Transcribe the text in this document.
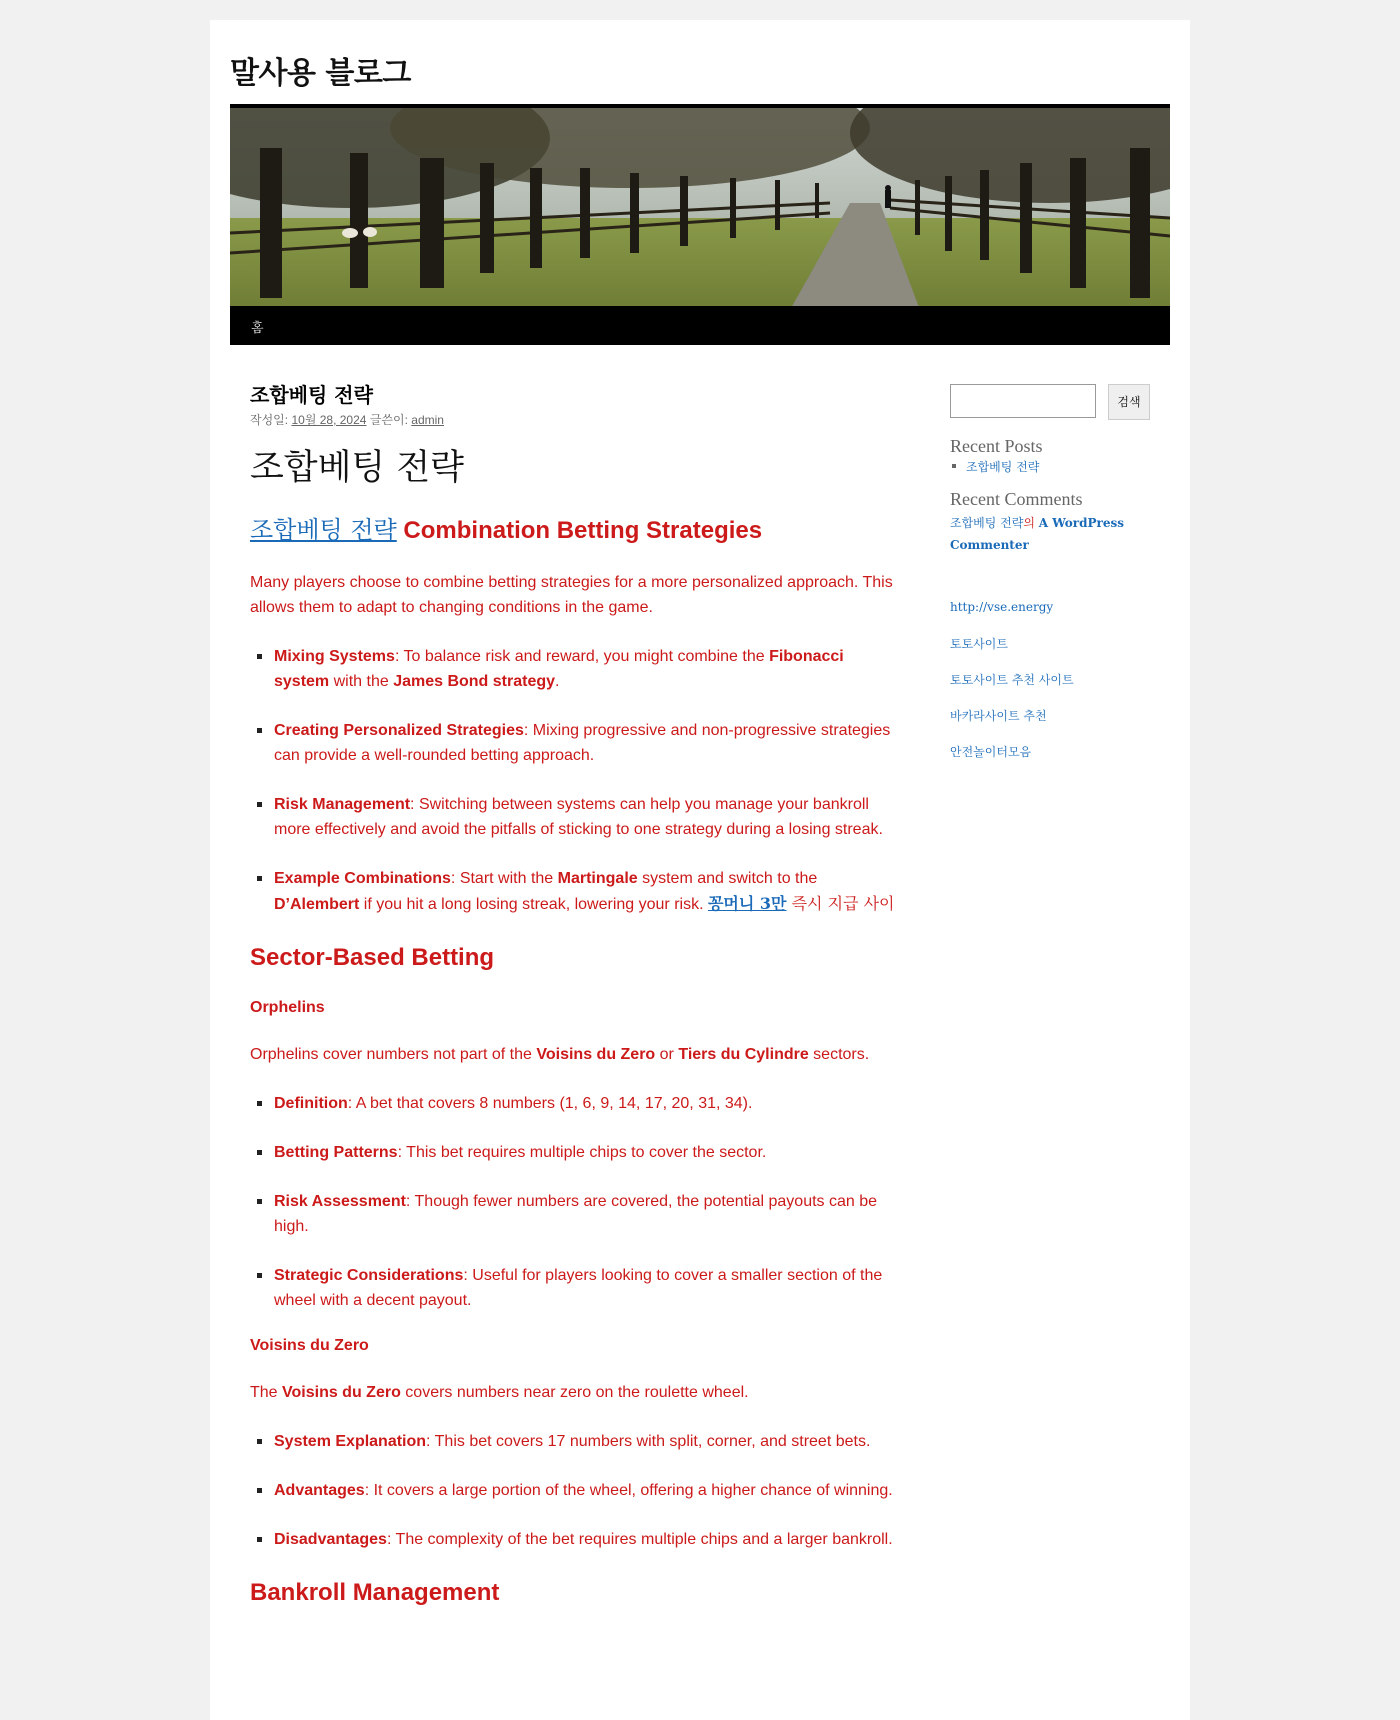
말사용 블로그
홈
조합베팅 전략
작성일: 10월 28, 2024 글쓴이: admin
조합베팅 전략
조합베팅 전략 Combination Betting Strategies

Many players choose to combine betting strategies for a more personalized approach. This allows them to adapt to changing conditions in the game.

Mixing Systems: To balance risk and reward, you might combine the Fibonacci system with the James Bond strategy.
Creating Personalized Strategies: Mixing progressive and non-progressive strategies can provide a well-rounded betting approach.
Risk Management: Switching between systems can help you manage your bankroll more effectively and avoid the pitfalls of sticking to one strategy during a losing streak.
Example Combinations: Start with the Martingale system and switch to the D’Alembert if you hit a long losing streak, lowering your risk. 꽁머니 3만 즉시 지급 사이
Sector-Based Betting
Orphelins

Orphelins cover numbers not part of the Voisins du Zero or Tiers du Cylindre sectors.

Definition: A bet that covers 8 numbers (1, 6, 9, 14, 17, 20, 31, 34).
Betting Patterns: This bet requires multiple chips to cover the sector.
Risk Assessment: Though fewer numbers are covered, the potential payouts can be high.
Strategic Considerations: Useful for players looking to cover a smaller section of the wheel with a decent payout.
Voisins du Zero

The Voisins du Zero covers numbers near zero on the roulette wheel.

System Explanation: This bet covers 17 numbers with split, corner, and street bets.
Advantages: It covers a large portion of the wheel, offering a higher chance of winning.
Disadvantages: The complexity of the bet requires multiple chips and a larger bankroll.
Bankroll Management
검색
Recent Posts
조합베팅 전략
Recent Comments
조합베팅 전략의 A WordPress Commenter
http://vse.energy
토토사이트
토토사이트 추천 사이트
바카라사이트 추천
안전놀이터모음
